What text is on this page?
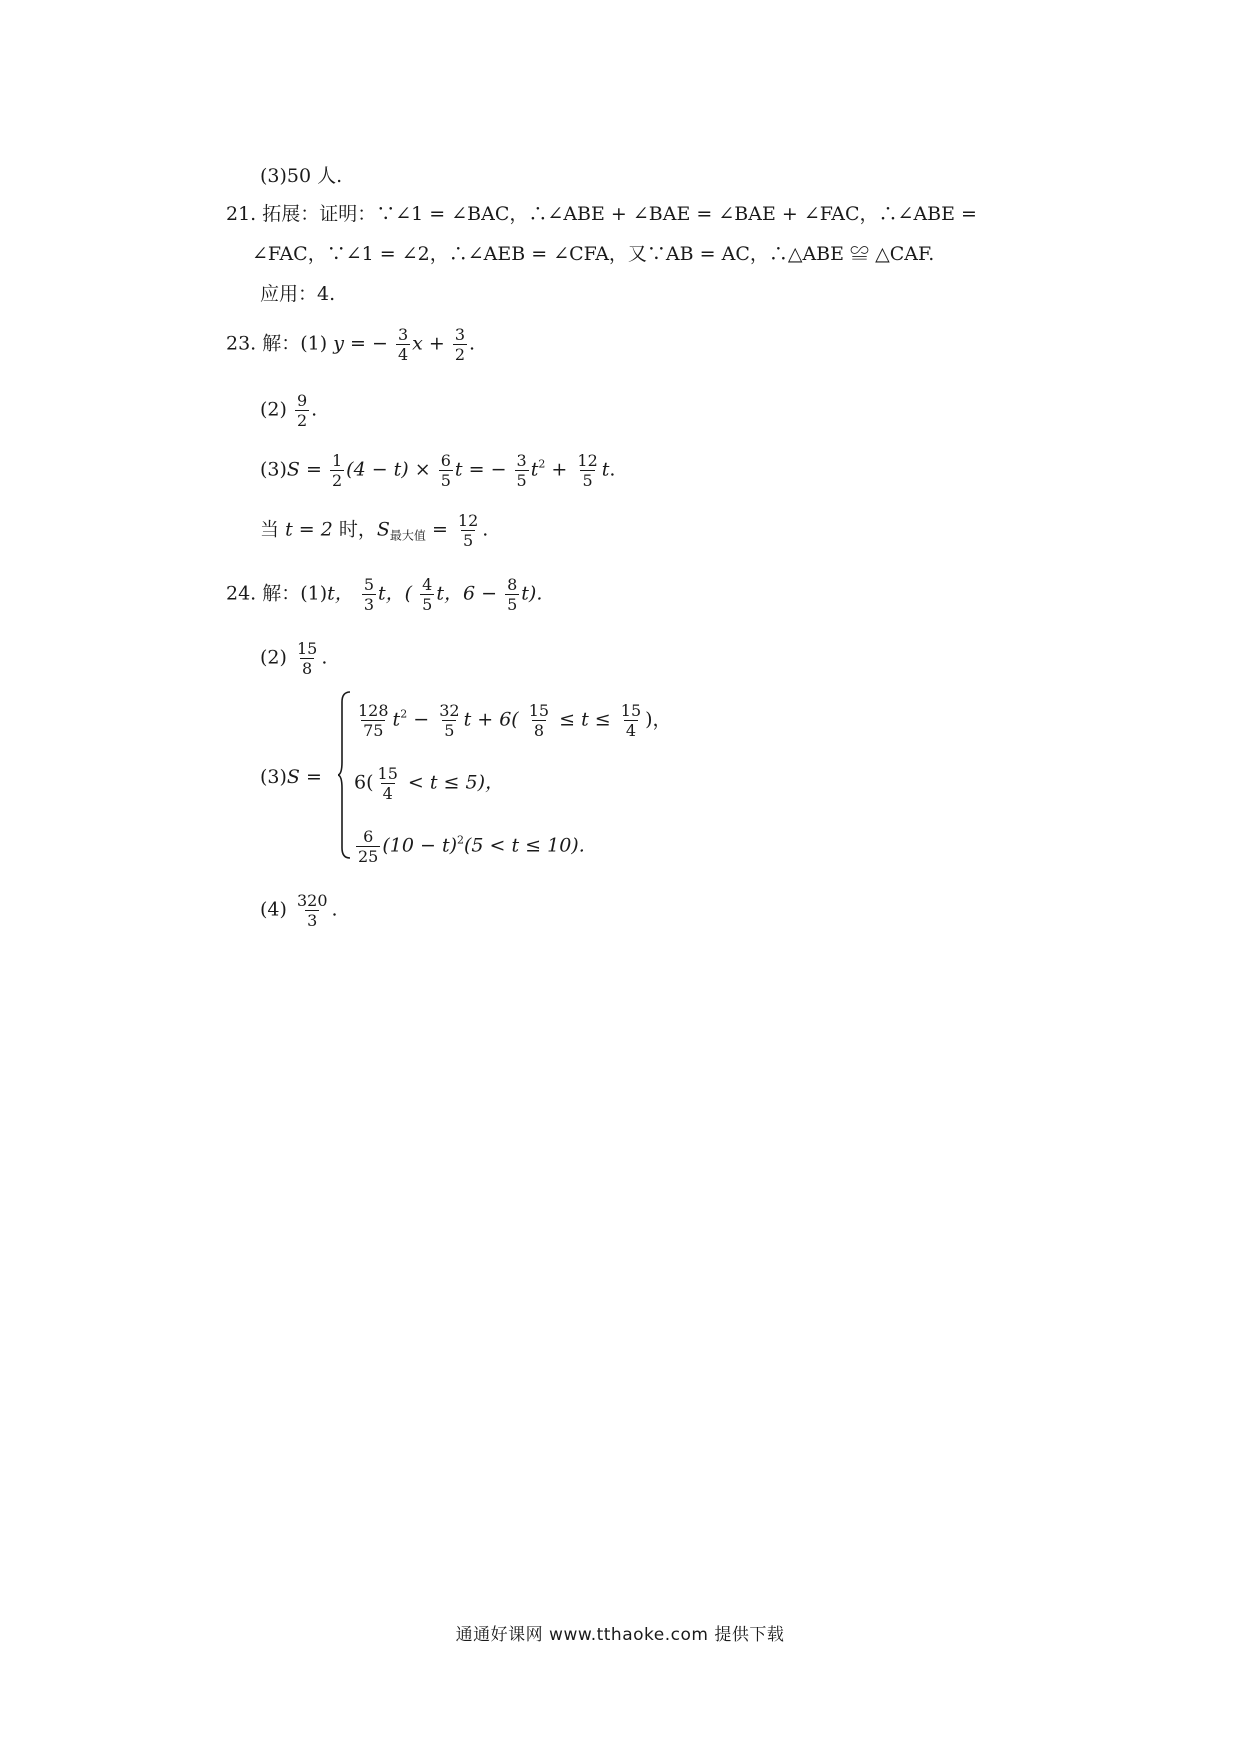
(3)50 人.
21. 拓展：证明：∵∠1 = ∠BAC，∴∠ABE + ∠BAE = ∠BAE + ∠FAC，∴∠ABE =
∠FAC，∵∠1 = ∠2，∴∠AEB = ∠CFA，又∵AB = AC，∴△ABE ≌ △CAF.
应用：4.
23. 解：(1) y = − $\frac{3}{4}$ $x + \frac{3}{2}$ .
$(2) \frac{9}{2}$ .
$(3)S = \frac{1}{2} (4 - t) \times \frac{6}{5}$ t = − $\frac{3}{5} t^2 + \frac{12}{5} t$.
当 t = 2 时，$S_{最大值} = \frac{12}{5}$ .
24. 解：(1)t， $\frac{5}{3}$ t，( $\frac{4}{5}$ t，$6 - \frac{8}{5} t$).
$(2) \frac{15}{8}$ .
(3)S =
$\frac{128}{75} t^2 - \frac{32}{5}$ $t + 6( \frac{15}{8} \le t \le \frac{15}{4}$ )，
$6( \frac{15}{4} < t \le 5)$，
$\frac{6}{25} (10 - t)^2(5 < t \le 10)$.
$(4) \frac{320}{3}$ .
通通好课网 www.tthaoke.com 提供下载
